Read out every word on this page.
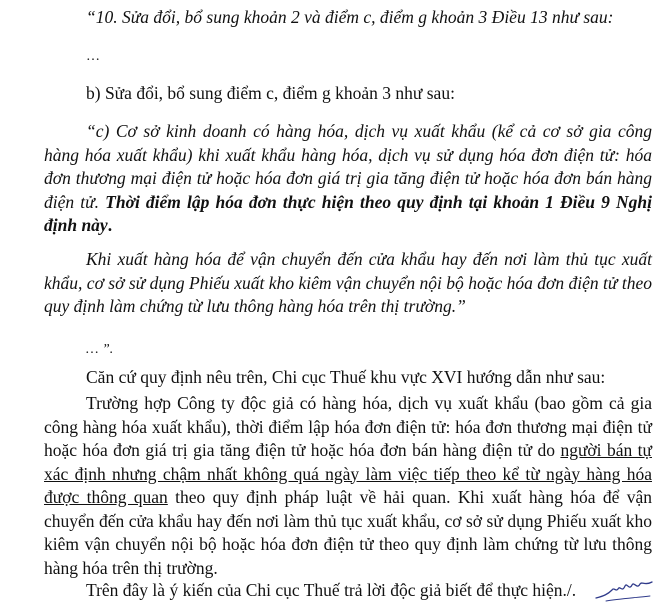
“10. Sửa đổi, bổ sung khoản 2 và điểm c, điểm g khoản 3 Điều 13 như sau:

…

b) Sửa đổi, bổ sung điểm c, điểm g khoản 3 như sau:

“c) Cơ sở kinh doanh có hàng hóa, dịch vụ xuất khẩu (kể cả cơ sở gia công hàng hóa xuất khẩu) khi xuất khẩu hàng hóa, dịch vụ sử dụng hóa đơn điện tử: hóa đơn thương mại điện tử hoặc hóa đơn giá trị gia tăng điện tử hoặc hóa đơn bán hàng điện tử. Thời điểm lập hóa đơn thực hiện theo quy định tại khoản 1 Điều 9 Nghị định này.

Khi xuất hàng hóa để vận chuyển đến cửa khẩu hay đến nơi làm thủ tục xuất khẩu, cơ sở sử dụng Phiếu xuất kho kiêm vận chuyển nội bộ hoặc hóa đơn điện tử theo quy định làm chứng từ lưu thông hàng hóa trên thị trường.”

… ”.

Căn cứ quy định nêu trên, Chi cục Thuế khu vực XVI hướng dẫn như sau:

Trường hợp Công ty độc giả có hàng hóa, dịch vụ xuất khẩu (bao gồm cả gia công hàng hóa xuất khẩu), thời điểm lập hóa đơn điện tử: hóa đơn thương mại điện tử hoặc hóa đơn giá trị gia tăng điện tử hoặc hóa đơn bán hàng điện tử do người bán tự xác định nhưng chậm nhất không quá ngày làm việc tiếp theo kể từ ngày hàng hóa được thông quan theo quy định pháp luật về hải quan. Khi xuất hàng hóa để vận chuyển đến cửa khẩu hay đến nơi làm thủ tục xuất khẩu, cơ sở sử dụng Phiếu xuất kho kiêm vận chuyển nội bộ hoặc hóa đơn điện tử theo quy định làm chứng từ lưu thông hàng hóa trên thị trường.

Trên đây là ý kiến của Chi cục Thuế trả lời độc giả biết để thực hiện./.
